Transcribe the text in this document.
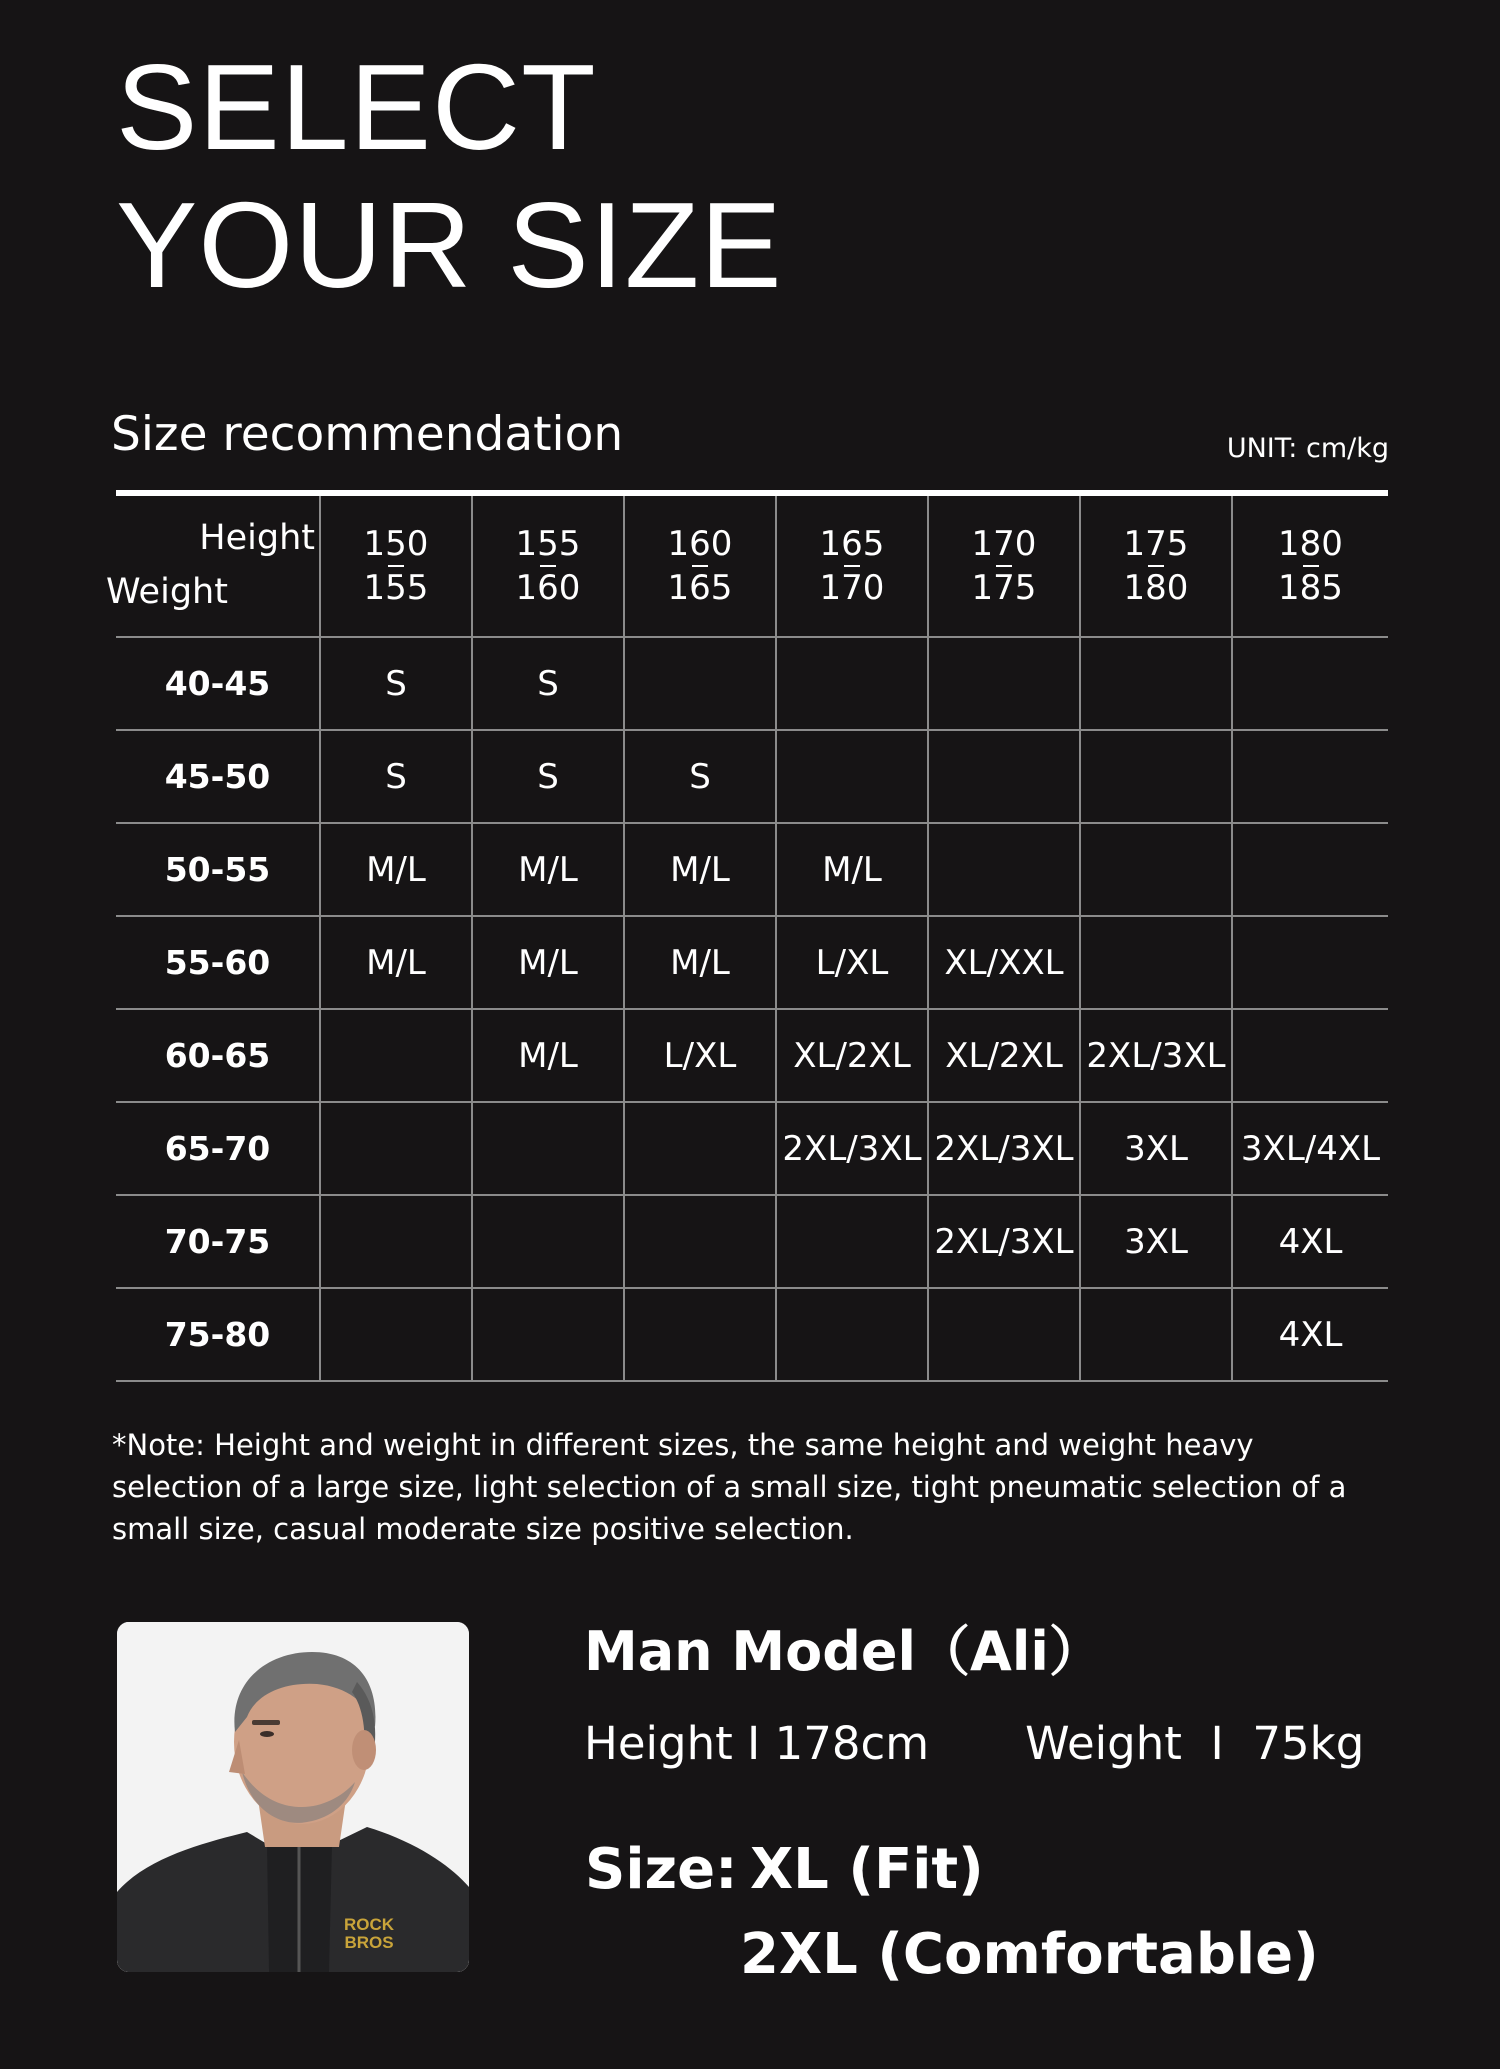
SELECT
YOUR SIZE
Size recommendation	UNIT: cm/kg
Height
Weight	$\frac{150}{155}$	$\frac{155}{160}$	$\frac{160}{165}$	$\frac{165}{170}$	$\frac{170}{175}$	$\frac{175}{180}$	$\frac{180}{185}$
40-45	S	S					
45-50	S	S	S				
50-55	M/L	M/L	M/L	M/L			
55-60	M/L	M/L	M/L	L/XL	XL/XXL		
60-65		M/L	L/XL	XL/2XL	XL/2XL	2XL/3XL	
65-70				2XL/3XL	2XL/3XL	3XL	3XL/4XL
70-75					2XL/3XL	3XL	4XL
75-80							4XL

*Note: Height and weight in different sizes, the same height and weight heavy selection of a large size, light selection of a small size, tight pneumatic selection of a small size, casual moderate size positive selection.

ROCK
BROS
Man Model（Ali）
Height I 178cm Weight  I  75kg
Size: XL (Fit)
2XL (Comfortable)
